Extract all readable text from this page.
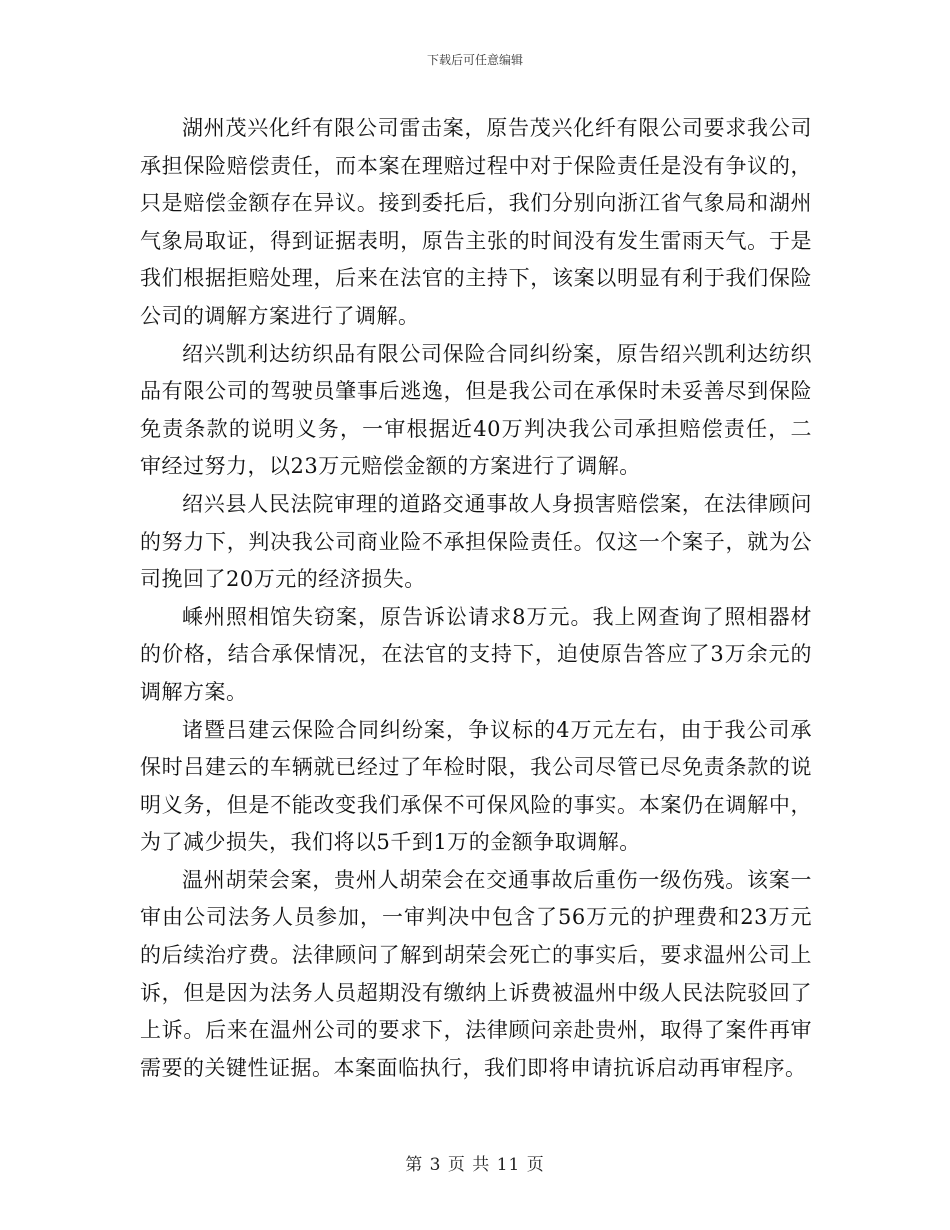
下载后可任意编辑

湖州茂兴化纤有限公司雷击案，原告茂兴化纤有限公司要求我公司承担保险赔偿责任，而本案在理赔过程中对于保险责任是没有争议的，只是赔偿金额存在异议。接到委托后，我们分别向浙江省气象局和湖州气象局取证，得到证据表明，原告主张的时间没有发生雷雨天气。于是我们根据拒赔处理，后来在法官的主持下，该案以明显有利于我们保险公司的调解方案进行了调解。

绍兴凯利达纺织品有限公司保险合同纠纷案，原告绍兴凯利达纺织品有限公司的驾驶员肇事后逃逸，但是我公司在承保时未妥善尽到保险免责条款的说明义务，一审根据近40万判决我公司承担赔偿责任，二审经过努力，以23万元赔偿金额的方案进行了调解。

绍兴县人民法院审理的道路交通事故人身损害赔偿案，在法律顾问的努力下，判决我公司商业险不承担保险责任。仅这一个案子，就为公司挽回了20万元的经济损失。

嵊州照相馆失窃案，原告诉讼请求8万元。我上网查询了照相器材的价格，结合承保情况，在法官的支持下，迫使原告答应了3万余元的调解方案。

诸暨吕建云保险合同纠纷案，争议标的4万元左右，由于我公司承保时吕建云的车辆就已经过了年检时限，我公司尽管已尽免责条款的说明义务，但是不能改变我们承保不可保风险的事实。本案仍在调解中，为了减少损失，我们将以5千到1万的金额争取调解。

温州胡荣会案，贵州人胡荣会在交通事故后重伤一级伤残。该案一审由公司法务人员参加，一审判决中包含了56万元的护理费和23万元的后续治疗费。法律顾问了解到胡荣会死亡的事实后，要求温州公司上诉，但是因为法务人员超期没有缴纳上诉费被温州中级人民法院驳回了上诉。后来在温州公司的要求下，法律顾问亲赴贵州，取得了案件再审需要的关键性证据。本案面临执行，我们即将申请抗诉启动再审程序。

第 3 页 共 11 页
